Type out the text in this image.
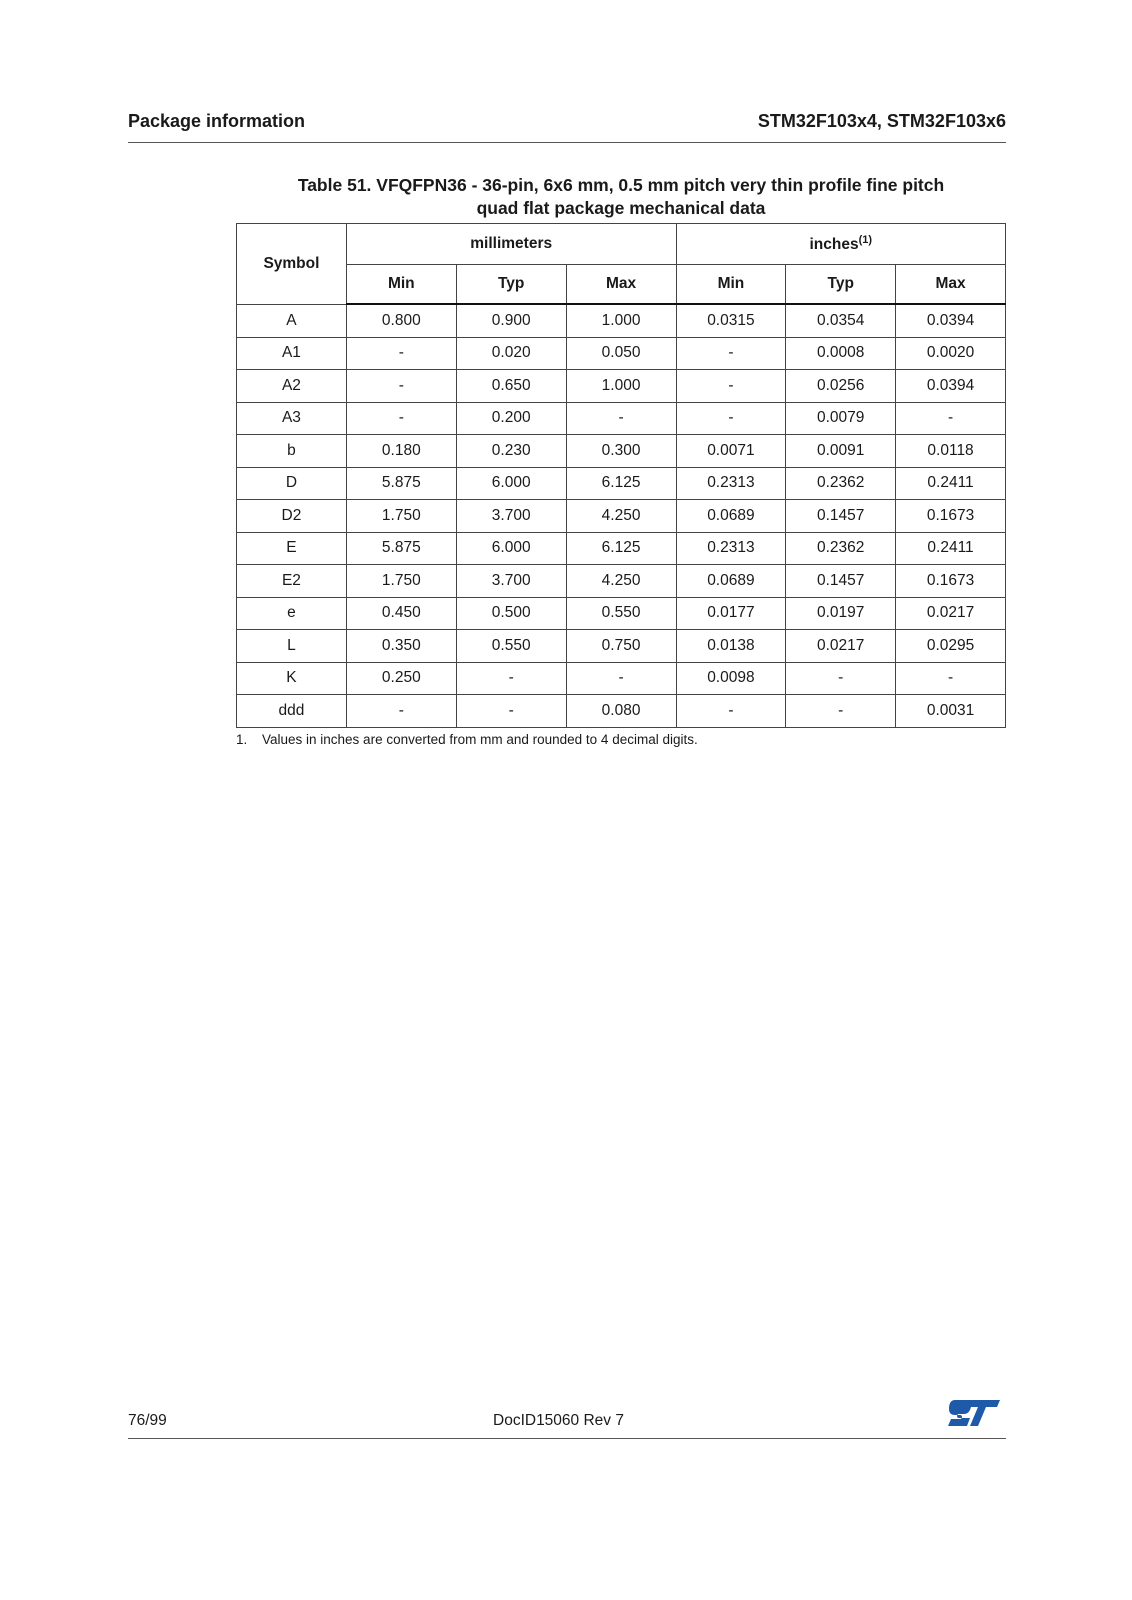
Package information	STM32F103x4, STM32F103x6
Table 51. VFQFPN36 - 36-pin, 6x6 mm, 0.5 mm pitch very thin profile fine pitch
quad flat package mechanical data
Symbol	millimeters			inches$^{(1)}$
	Min	Typ	Max	Min	Typ	Max
A	0.800	0.900	1.000	0.0315	0.0354	0.0394
A1	-	0.020	0.050	-	0.0008	0.0020
A2	-	0.650	1.000	-	0.0256	0.0394
A3	-	0.200	-	-	0.0079	-
b	0.180	0.230	0.300	0.0071	0.0091	0.0118
D	5.875	6.000	6.125	0.2313	0.2362	0.2411
D2	1.750	3.700	4.250	0.0689	0.1457	0.1673
E	5.875	6.000	6.125	0.2313	0.2362	0.2411
E2	1.750	3.700	4.250	0.0689	0.1457	0.1673
e	0.450	0.500	0.550	0.0177	0.0197	0.0217
L	0.350	0.550	0.750	0.0138	0.0217	0.0295
K	0.250	-	-	0.0098	-	-
ddd	-	-	0.080	-	-	0.0031
1. Values in inches are converted from mm and rounded to 4 decimal digits.
76/99	DocID15060 Rev 7
